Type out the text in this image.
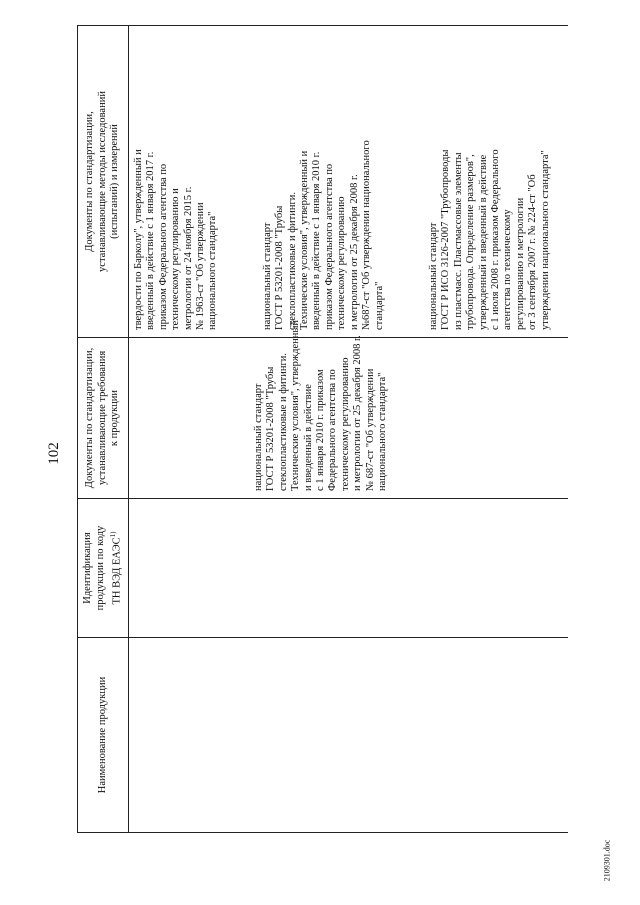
102
Наименование продукции
Идентификация
продукции по коду ТН ВЭД ЕАЭС$^{1)}$
Документы по стандартизации,
устанавливающие требования
к продукции
Документы по стандартизации,
устанавливающие методы исследований
(испытаний) и измерений
национальный стандарт ГОСТ Р 53201-2008 "Трубы стеклопластиковые и фитинги. Технические условия", утвержденный и введенный в действие с 1 января 2010 г. приказом Федерального агентства по техническому регулированию и метрологии от 25 декабря 2008 г. № 687-ст "Об утверждении национального стандарта"
твердости по Барколу", утвержденный и введенный в действие с 1 января 2017 г. приказом Федерального агентства по техническому регулированию и метрологии от 24 ноября 2015 г. № 1963-ст "Об утверждении национального стандарта"	национальный стандарт ГОСТ Р 53201-2008 "Трубы стеклопластиковые и фитинги. Технические условия", утвержденный и введенный в действие с 1 января 2010 г. приказом Федерального агентства по техническому регулированию и метрологии от 25 декабря 2008 г. №687-ст "Об утверждении национального стандарта"	национальный стандарт ГОСТ Р ИСО 3126-2007 "Трубопроводы из пластмасс. Пластмассовые элементы трубопровода. Определение размеров", утвержденный и введенный в действие с 1 июля 2008 г. приказом Федерального агентства по техническому регулированию и метрологии от 3 сентября 2007 г. № 224-ст "Об утверждении национального стандарта"
2109301.doc
